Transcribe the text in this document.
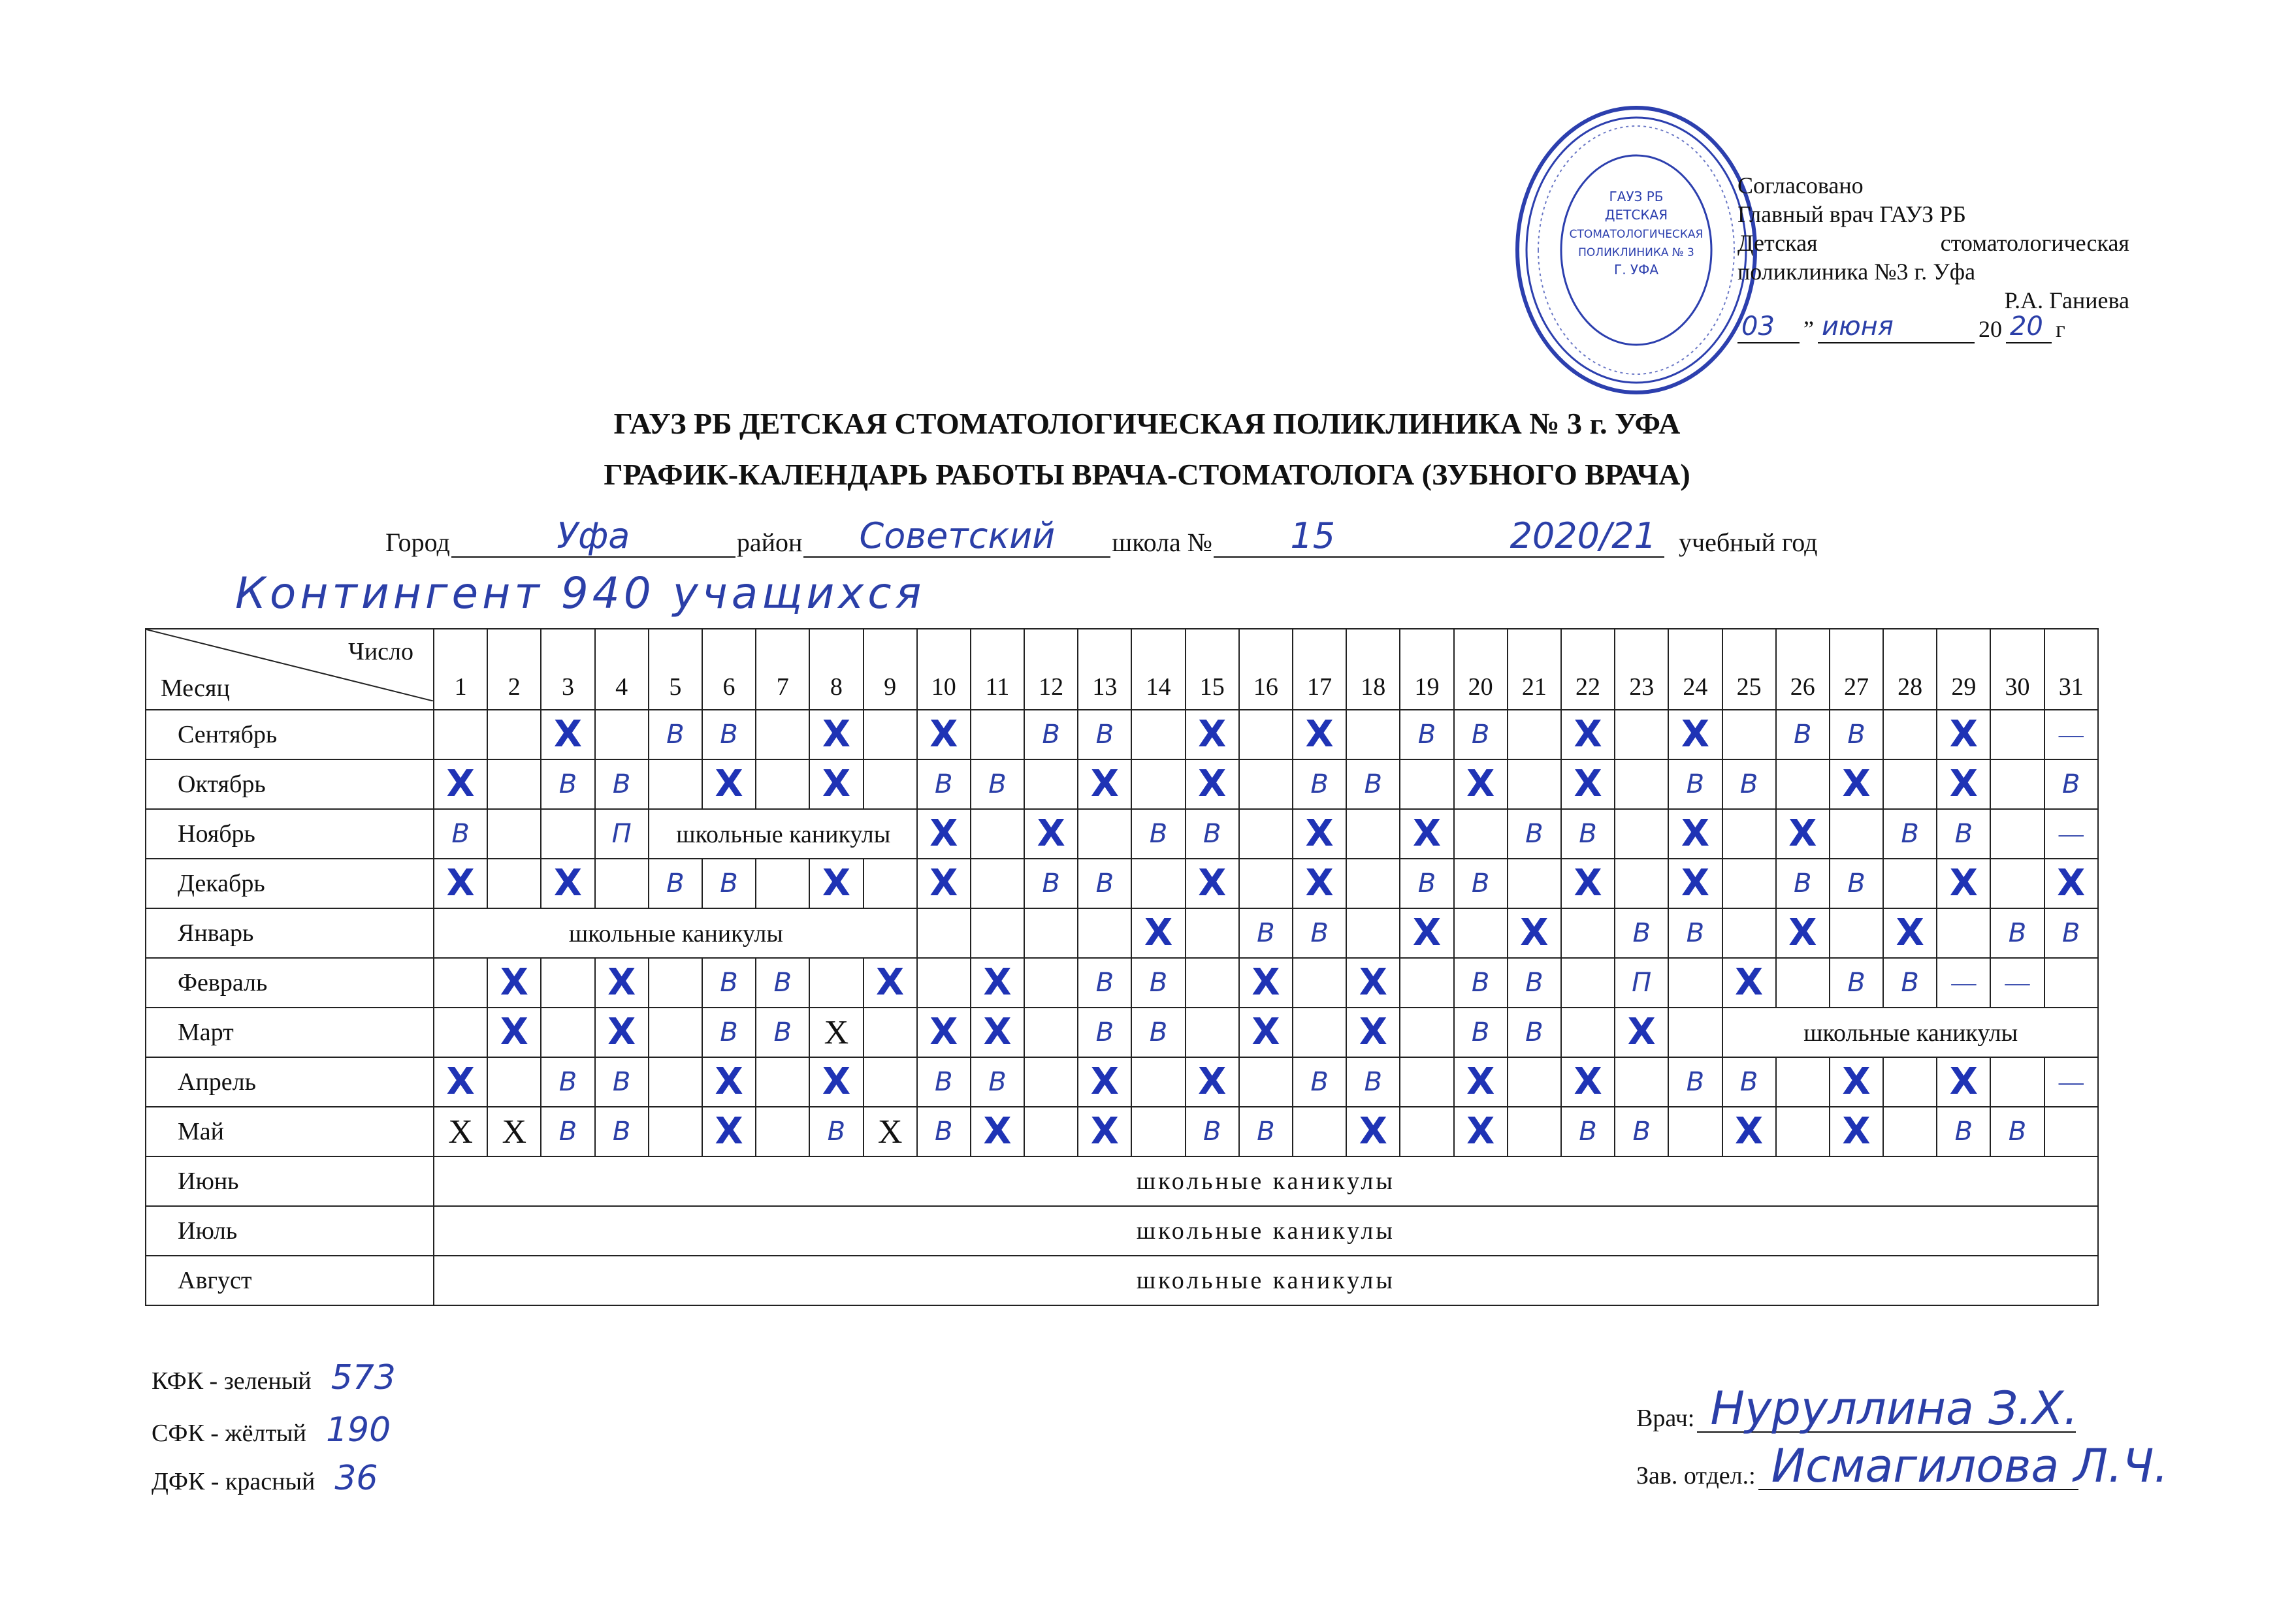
ГАУЗ РБ
ДЕТСКАЯ
СТОМАТОЛОГИЧЕСКАЯ
ПОЛИКЛИНИКА № 3
Г. УФА
Согласовано
Главный врач ГАУЗ РБ
Детская	стоматологическая
поликлиника №3 г. Уфа
Р.А. Ганиева
03 ” июня	20 20 г
ГАУЗ РБ ДЕТСКАЯ СТОМАТОЛОГИЧЕСКАЯ ПОЛИКЛИНИКА № 3 г. УФА
ГРАФИК-КАЛЕНДАРЬ РАБОТЫ ВРАЧА-СТОМАТОЛОГА (ЗУБНОГО ВРАЧА)
Город	Уфа	район Советский школа № 15	2020/21 учебный год
Контингент 940 учащихся
Число
Месяц	1	2	3	4	5	6	7	8	9	10	11	12	13	14	15	16	17	18	19	20	21	22	23	24	25	26	27	28	29	30	31
Сентябрь			X		B	B		X		X		B	B		X		X		B	B		X		X		B	B		X		—
Октябрь	X		B	B		X		X		B	B		X		X		B	B		X		X		B	B		X		X		B
Ноябрь	B			П	школьные каникулы					X		X		B	B		X		X		B	B		X		X		B	B		—
Декабрь	X		X		B	B		X		X		B	B		X		X		B	B		X		X		B	B		X		X
Январь	школьные каникулы													X		B	B		X		X		B	B		X		X		B	B
Февраль		X		X		B	B		X		X		B	B		X		X		B	B		П		X		B	B	—	—	
Март		X		X		B	B	Х		X	X		B	B		X		X		B	B		X		школьные каникулы						

Апрель	X		B	B		X		X		B	B		X		X		B	B		X		X		B	B		X		X		—
Май	Х	Х	B	B		X		B	Х	B	X		X		B	B		X		X		B	B		X		X		B	B	
Июнь	школьные каникулы																														
Июль	школьные каникулы																														
Август	школьные каникулы																														
КФК - зеленый 573
СФК - жёлтый 190
ДФК - красный 36
Врач: Нуруллина З.Х.
Зав. отдел.: Исмагилова Л.Ч.
